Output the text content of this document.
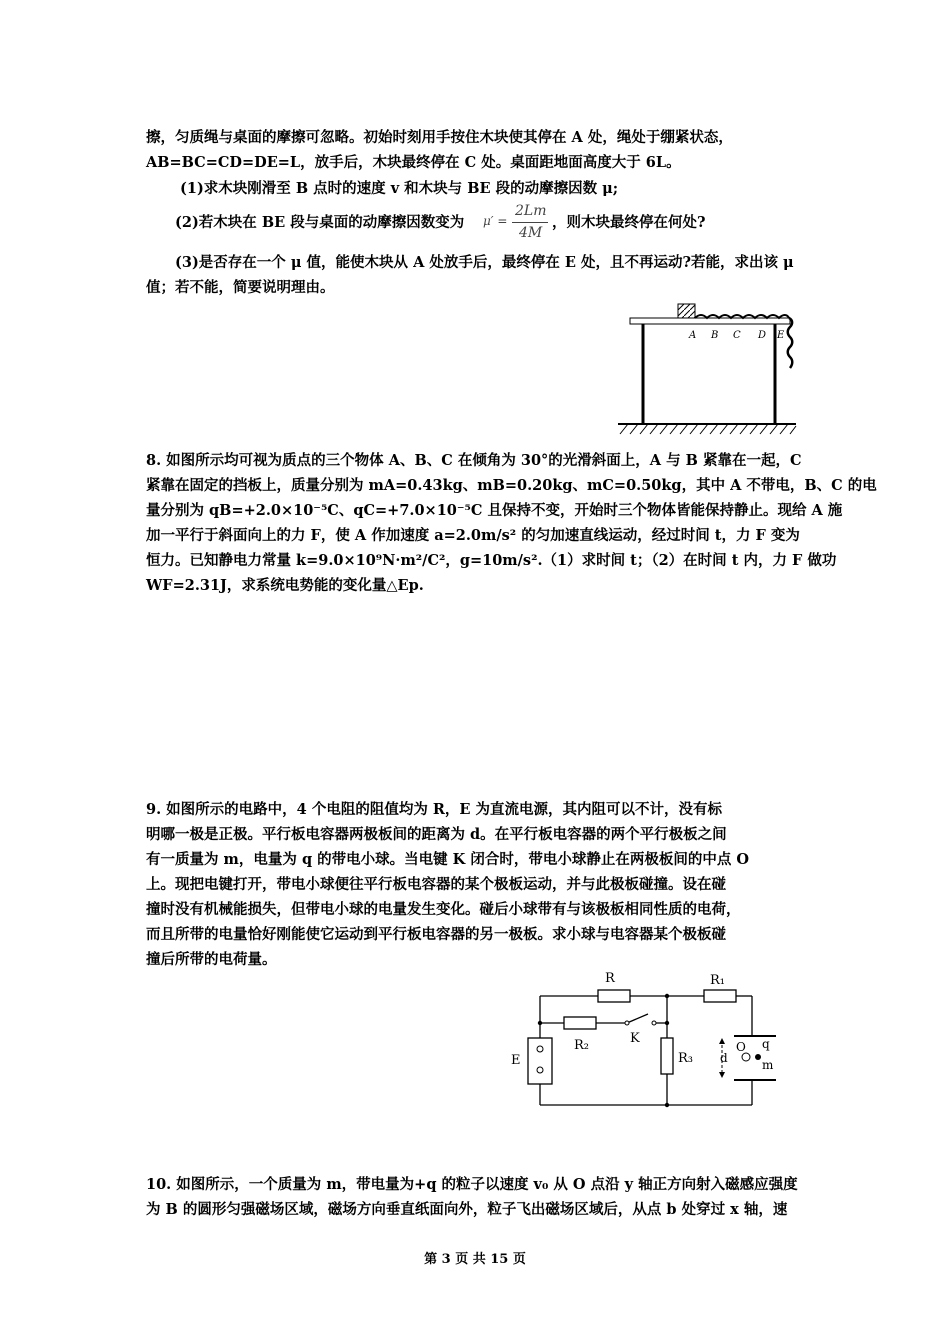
擦，匀质绳与桌面的摩擦可忽略。初始时刻用手按住木块使其停在 A 处，绳处于绷紧状态，
AB=BC=CD=DE=L，放手后，木块最终停在 C 处。桌面距地面高度大于 6L。
(1)求木块刚滑至 B 点时的速度 v 和木块与 BE 段的动摩擦因数 μ;
(2)若木块在 BE 段与桌面的动摩擦因数变为 μ′ =
2Lm
4M
，则木块最终停在何处?
(3)是否存在一个 μ 值，能使木块从 A 处放手后，最终停在 E 处，且不再运动?若能，求出该 μ
值；若不能，简要说明理由。
A B C D E
8. 如图所示均可视为质点的三个物体 A、B、C 在倾角为 30°的光滑斜面上，A 与 B 紧靠在一起，C
紧靠在固定的挡板上，质量分别为 mA=0.43kg、mB=0.20kg、mC=0.50kg，其中 A 不带电，B、C 的电
量分别为 qB=+2.0×10⁻⁵C、qC=+7.0×10⁻⁵C 且保持不变，开始时三个物体皆能保持静止。现给 A 施
加一平行于斜面向上的力 F，使 A 作加速度 a=2.0m/s² 的匀加速直线运动，经过时间 t，力 F 变为
恒力。已知静电力常量 k=9.0×10⁹N·m²/C²，g=10m/s².（1）求时间 t；（2）在时间 t 内，力 F 做功
WF=2.31J，求系统电势能的变化量△Ep.
9. 如图所示的电路中，4 个电阻的阻值均为 R，E 为直流电源，其内阻可以不计，没有标
明哪一极是正极。平行板电容器两极板间的距离为 d。在平行板电容器的两个平行极板之间
有一质量为 m，电量为 q 的带电小球。当电键 K 闭合时，带电小球静止在两极板间的中点 O
上。现把电键打开，带电小球便往平行板电容器的某个极板运动，并与此极板碰撞。设在碰
撞时没有机械能损失，但带电小球的电量发生变化。碰后小球带有与该极板相同性质的电荷，
而且所带的电量恰好刚能使它运动到平行板电容器的另一极板。求小球与电容器某个极板碰
撞后所带的电荷量。
R	R₁
R₂
R₃
K
E	d
O q
m
10. 如图所示，一个质量为 m，带电量为+q 的粒子以速度 v₀ 从 O 点沿 y 轴正方向射入磁感应强度
为 B 的圆形匀强磁场区域，磁场方向垂直纸面向外，粒子飞出磁场区域后，从点 b 处穿过 x 轴，速
第 3 页 共 15 页
